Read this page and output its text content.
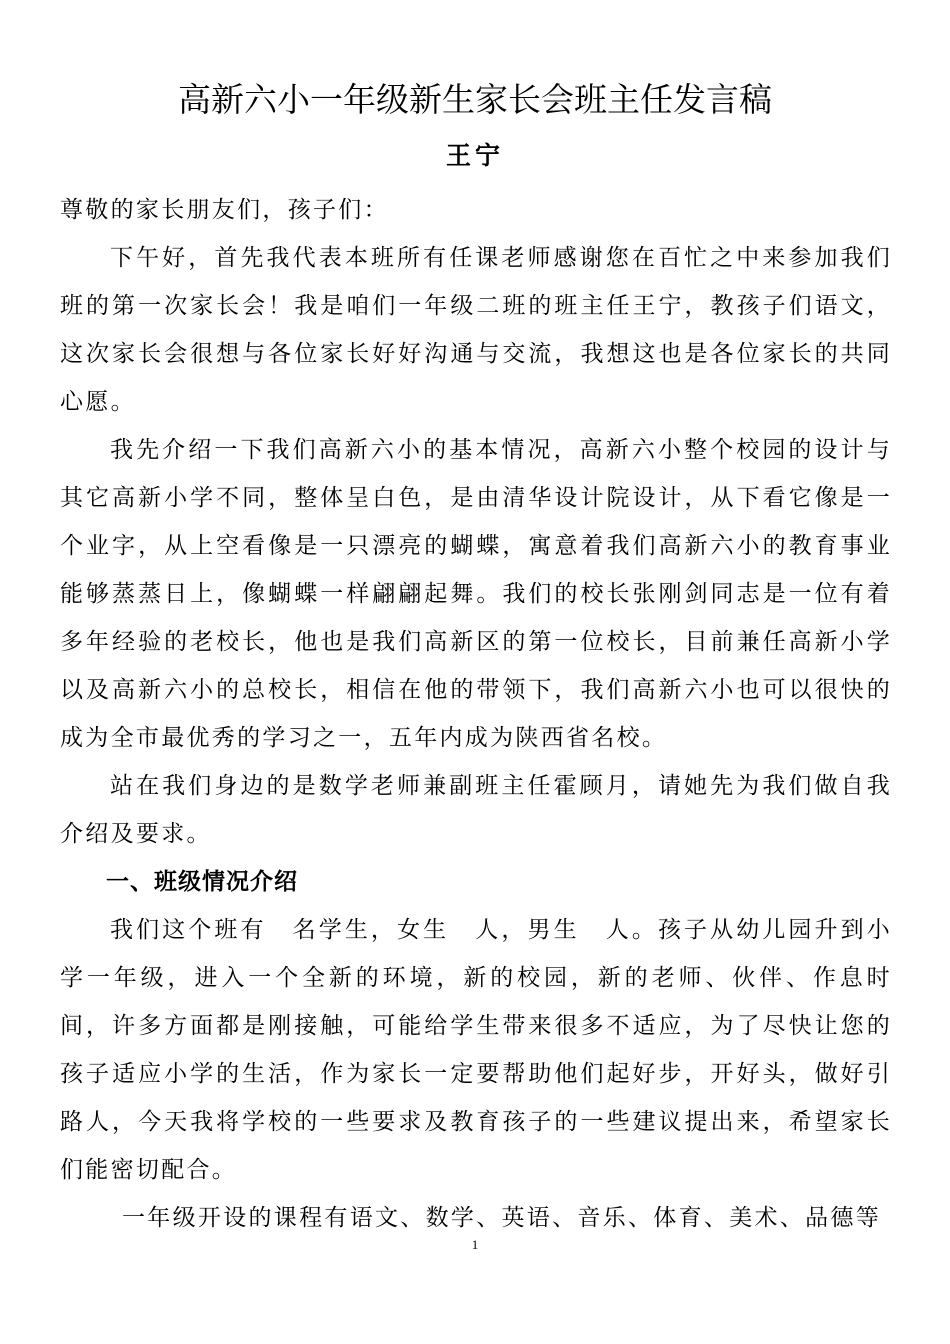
高新六小一年级新生家长会班主任发言稿
王宁

尊敬的家长朋友们，孩子们：

下午好，首先我代表本班所有任课老师感谢您在百忙之中来参加我们班的第一次家长会！我是咱们一年级二班的班主任王宁，教孩子们语文，这次家长会很想与各位家长好好沟通与交流，我想这也是各位家长的共同心愿。

我先介绍一下我们高新六小的基本情况，高新六小整个校园的设计与其它高新小学不同，整体呈白色，是由清华设计院设计，从下看它像是一个业字，从上空看像是一只漂亮的蝴蝶，寓意着我们高新六小的教育事业能够蒸蒸日上，像蝴蝶一样翩翩起舞。我们的校长张刚剑同志是一位有着多年经验的老校长，他也是我们高新区的第一位校长，目前兼任高新小学以及高新六小的总校长，相信在他的带领下，我们高新六小也可以很快的成为全市最优秀的学习之一，五年内成为陕西省名校。

站在我们身边的是数学老师兼副班主任霍顾月，请她先为我们做自我介绍及要求。

一、班级情况介绍

我们这个班有　名学生，女生　人，男生　人。孩子从幼儿园升到小学一年级，进入一个全新的环境，新的校园，新的老师、伙伴、作息时间，许多方面都是刚接触，可能给学生带来很多不适应，为了尽快让您的孩子适应小学的生活，作为家长一定要帮助他们起好步，开好头，做好引路人，今天我将学校的一些要求及教育孩子的一些建议提出来，希望家长们能密切配合。

一年级开设的课程有语文、数学、英语、音乐、体育、美术、品德等

1
